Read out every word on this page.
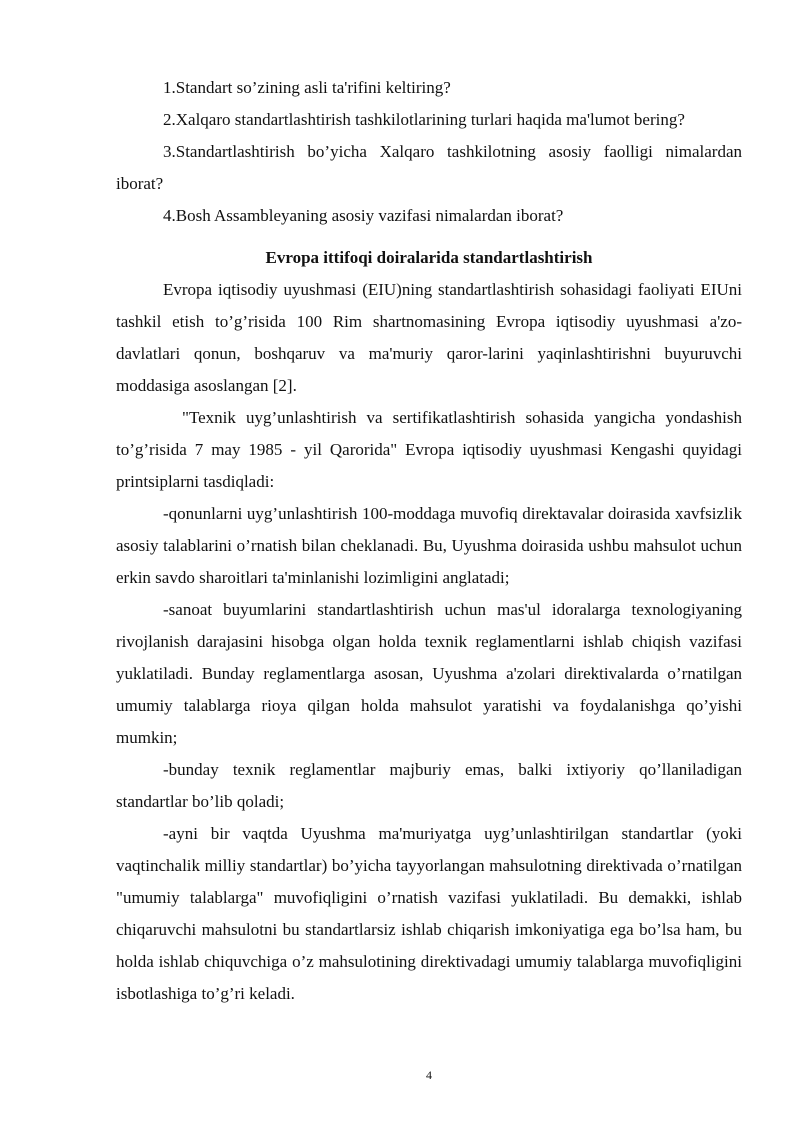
1.Standart so’zining asli ta'rifini keltiring?

2.Xalqaro standartlashtirish tashkilotlarining turlari haqida ma'lumot bering?

3.Standartlashtirish bo’yicha Xalqaro tashkilotning asosiy faolligi nimalardan iborat?

4.Bosh Assambleyaning asosiy vazifasi nimalardan iborat?

Evropa ittifoqi doiralarida standartlashtirish

Evropa iqtisodiy uyushmasi (EIU)ning standartlashtirish sohasidagi faoliyati EIUni tashkil etish to’g’risida 100 Rim shartnomasining Evropa iqtisodiy uyushmasi a'zo-davlatlari qonun, boshqaruv va ma'muriy qaror-larini yaqinlashtirishni buyuruvchi moddasiga asoslangan [2].

"Texnik uyg’unlashtirish va sertifikatlashtirish sohasida yangicha yondashish to’g’risida 7 may 1985 - yil Qarorida" Evropa iqtisodiy uyushmasi Kengashi quyidagi printsiplarni tasdiqladi:

-qonunlarni uyg’unlashtirish 100-moddaga muvofiq direktavalar doirasida xavfsizlik asosiy talablarini o’rnatish bilan cheklanadi. Bu, Uyushma doirasida ushbu mahsulot uchun erkin savdo sharoitlari ta'minlanishi lozimligini anglatadi;

-sanoat buyumlarini standartlashtirish uchun mas'ul idoralarga texnologiyaning rivojlanish darajasini hisobga olgan holda texnik reglamentlarni ishlab chiqish vazifasi yuklatiladi. Bunday reglamentlarga asosan, Uyushma a'zolari direktivalarda o’rnatilgan umumiy talablarga rioya qilgan holda mahsulot yaratishi va foydalanishga qo’yishi mumkin;

-bunday texnik reglamentlar majburiy emas, balki ixtiyoriy qo’llaniladigan standartlar bo’lib qoladi;

-ayni bir vaqtda Uyushma ma'muriyatga uyg’unlashtirilgan standartlar (yoki vaqtinchalik milliy standartlar) bo’yicha tayyorlangan mahsulotning direktivada o’rnatilgan "umumiy talablarga" muvofiqligini o’rnatish vazifasi yuklatiladi. Bu demakki, ishlab chiqaruvchi mahsulotni bu standartlarsiz ishlab chiqarish imkoniyatiga ega bo’lsa ham, bu holda ishlab chiquvchiga o’z mahsulotining direktivadagi umumiy talablarga muvofiqligini isbotlashiga to’g’ri keladi.

4
